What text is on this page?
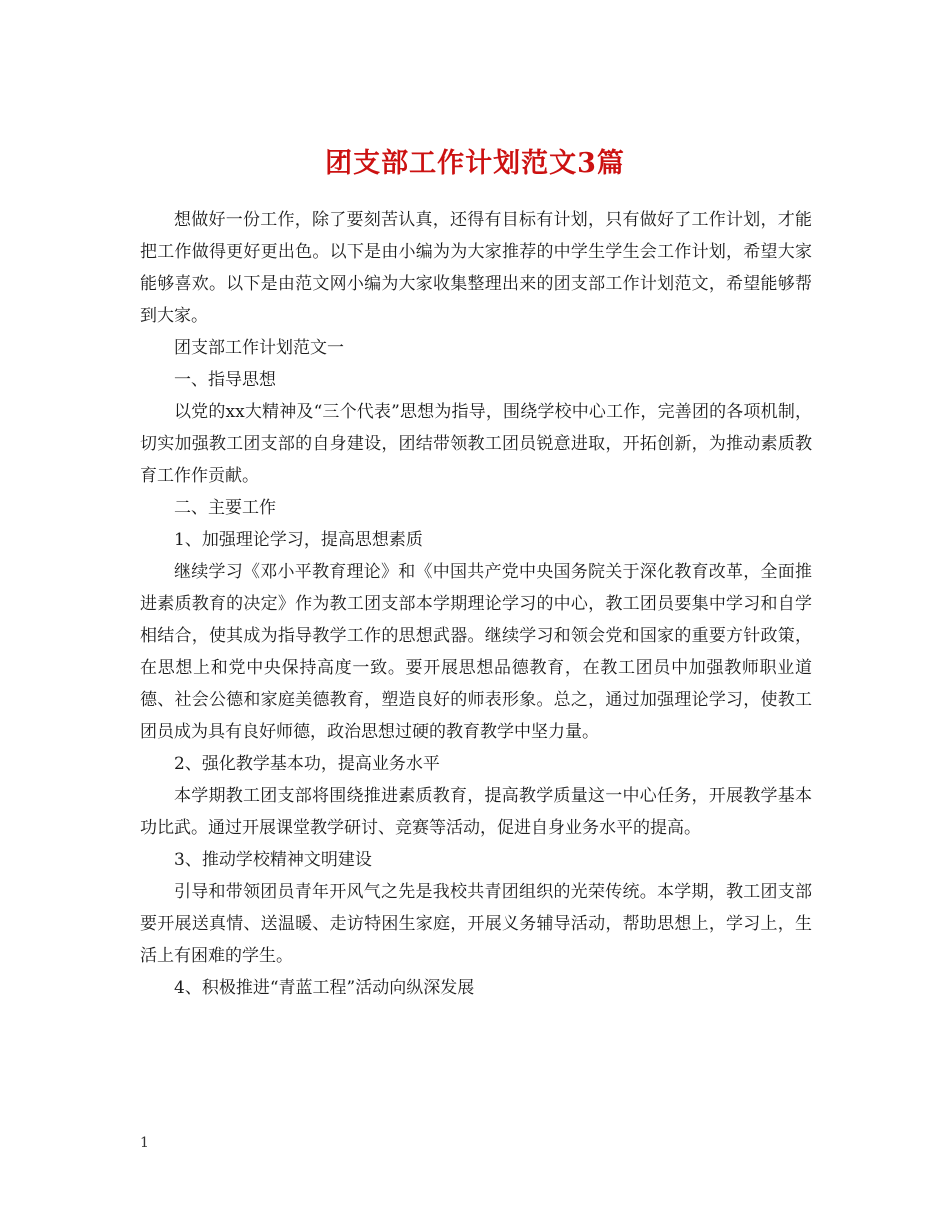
团支部工作计划范文3篇

想做好一份工作，除了要刻苦认真，还得有目标有计划，只有做好了工作计划，才能把工作做得更好更出色。以下是由小编为为大家推荐的中学生学生会工作计划，希望大家能够喜欢。以下是由范文网小编为大家收集整理出来的团支部工作计划范文，希望能够帮到大家。

团支部工作计划范文一

一、指导思想

以党的xx大精神及“三个代表”思想为指导，围绕学校中心工作，完善团的各项机制，切实加强教工团支部的自身建设，团结带领教工团员锐意进取，开拓创新，为推动素质教育工作作贡献。

二、主要工作

1、加强理论学习，提高思想素质

继续学习《邓小平教育理论》和《中国共产党中央国务院关于深化教育改革，全面推进素质教育的决定》作为教工团支部本学期理论学习的中心，教工团员要集中学习和自学相结合，使其成为指导教学工作的思想武器。继续学习和领会党和国家的重要方针政策，在思想上和党中央保持高度一致。要开展思想品德教育，在教工团员中加强教师职业道德、社会公德和家庭美德教育，塑造良好的师表形象。总之，通过加强理论学习，使教工团员成为具有良好师德，政治思想过硬的教育教学中坚力量。

2、强化教学基本功，提高业务水平

本学期教工团支部将围绕推进素质教育，提高教学质量这一中心任务，开展教学基本功比武。通过开展课堂教学研讨、竞赛等活动，促进自身业务水平的提高。

3、推动学校精神文明建设

引导和带领团员青年开风气之先是我校共青团组织的光荣传统。本学期，教工团支部要开展送真情、送温暖、走访特困生家庭，开展义务辅导活动，帮助思想上，学习上，生活上有困难的学生。

4、积极推进“青蓝工程”活动向纵深发展

1
